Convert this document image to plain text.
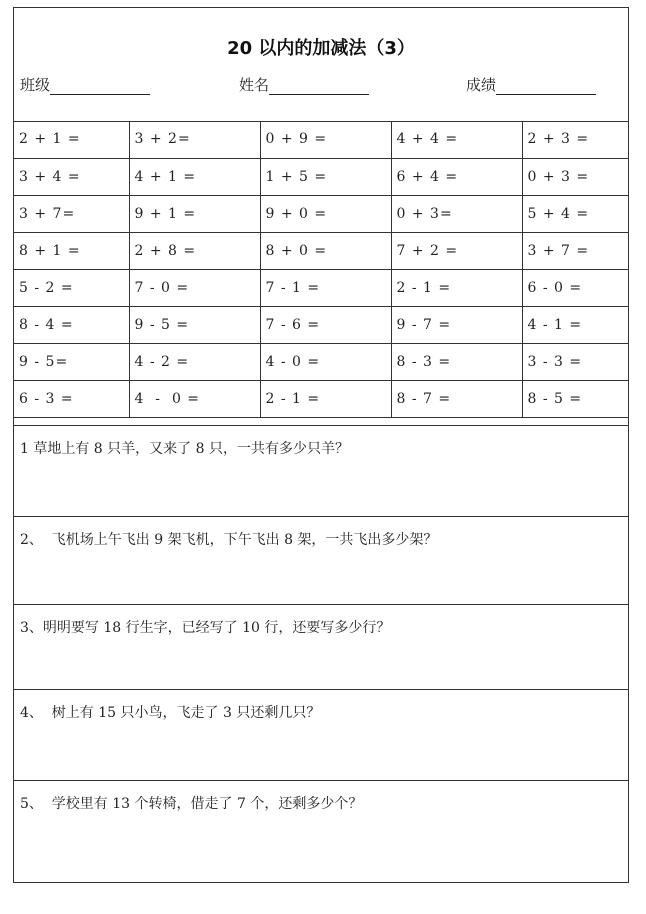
20 以内的加减法（3）
班级	姓名	成绩
2 + 1 =	3 + 2=	0 + 9 =	4 + 4 =	2 + 3 =
3 + 4 =	4 + 1 =	1 + 5 =	6 + 4 =	0 + 3 =
3 + 7=	9 + 1 =	9 + 0 =	0 + 3=	5 + 4 =
8 + 1 =	2 + 8 =	8 + 0 =	7 + 2 =	3 + 7 =
5 - 2 =	7 - 0 =	7 - 1 =	2 - 1 =	6 - 0 =
8 - 4 =	9 - 5 =	7 - 6 =	9 - 7 =	4 - 1 =
9 - 5=	4 - 2 =	4 - 0 =	8 - 3 =	3 - 3 =
6 - 3 =	4  -  0 =	2 - 1 =	8 - 7 =	8 - 5 =
1 草地上有 8 只羊，又来了 8 只，一共有多少只羊？
2、  飞机场上午飞出 9 架飞机，下午飞出 8 架，一共飞出多少架？
3、明明要写 18 行生字，已经写了 10 行，还要写多少行？
4、  树上有 15 只小鸟，飞走了 3 只还剩几只？
5、  学校里有 13 个转椅，借走了 7 个，还剩多少个？
